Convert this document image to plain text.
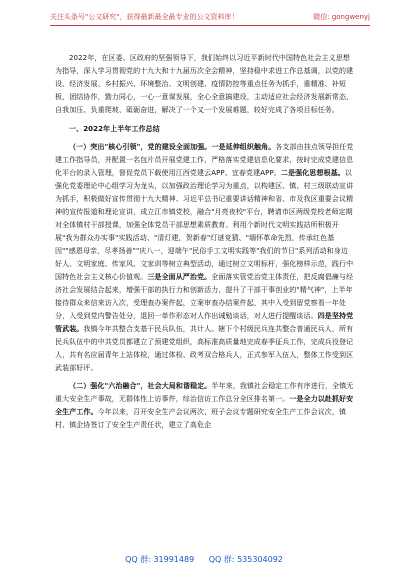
关注头条号"公文研究"，获得最新最全最专业的公文资料库！	微信: gongwenyj

2022年，在区委、区政府的坚强领导下，我们始终以习近平新时代中国特色社会主义思想为指导，深入学习贯彻党的十九大和十九届历次全会精神，坚持稳中求进工作总基调，以党的建设、经济发展、乡村振兴、环境整治、文明创建、疫情防控等重点任务为抓手，重精准、补短板，团结协作，勠力同心，一心一意谋发展，全心全意搞建设，主动适应社会经济发展新常态，自我加压、负重爬坡、砥砺奋进，解决了一个又一个发展难题，较好完成了各项目标任务。

一、2022年上半年工作总结

（一）突出"核心引领"，党的建设全面加强。一是延伸组织触角。各支部由挂点领导担任党建工作指导员，并配置一名包片员开展党建工作，严格落实党建信息化要求，按时完成党建信息化平台的录入管理，督促党员下载使用江西党建云APP、宜春党建APP。二是强化思想根基。以强化党委理论中心组学习为龙头，以加强政治理论学习为重点，以构建区、镇、村三级联动宣讲为抓手，积极做好宣传贯彻十九大精神、习近平总书记重要讲话精神和省、市及我区重要会议精神的宣传报道和理论宣讲，成立江市镇党校，融合"月亮夜校"平台，聘请市区两级党校老师定期对全体镇村干部授课，加强全体党员干部思想素质教育。利用个新时代文明实践站所积极开展"我为群众办实事"实践活动、"清灯建，贺新春"灯谜竞猜、"缅怀革命先烈，传承红色基因""感恩母亲，尽孝扬善""庆八一，迎端午"民俗手工文明实践等"我们的节日"系列活动和身边好人、文明家庭、传家风、文家训等树立典型活动，通过树立文明标杆，强化榜样示范，践行中国特色社会主义核心价值观。三是全面从严治党。全面落实管党治党主体责任，把反腐倡廉与经济社会发展结合起来，增强干部的执行力和创新活力，提升了干部干事创业的"精气神"，上半年接待群众来信来访入次，受理查办案件起，立案审查办结案件起，其中入受到留党察看一年处分，入受到党内警告处分，退回一单作形态对人作出诫勉谈话，对人进行提醒谈话。四是坚持党管武装。我镇今年共整合支基干民兵队伍，共计人。辖下个村级民兵连共整合普通民兵人，所有民兵队伍中的中共党员都建立了预建党组织，高标准高质量地完成春季征兵工作，完成兵役登记人，共有名应届青年上站体检，通过体检、政考双合格兵人，正式参军入伍人，整体工作受到区武装部好评。

（二）强化"六治融合"，社会大局和谐稳定。半年来，我镇社会稳定工作有序进行，全镇无重大安全生产事故，无群体性上访事件，综治信访工作总分全区排名第一。一是全力以赴抓好安全生产工作。今年以来，召开安全生产会议两次，班子会议专题研究安全生产工作会议次，镇村、镇企协签订了安全生产责任状，建立了高危企

QQ 群: 31991489 QQ 群: 535304092
